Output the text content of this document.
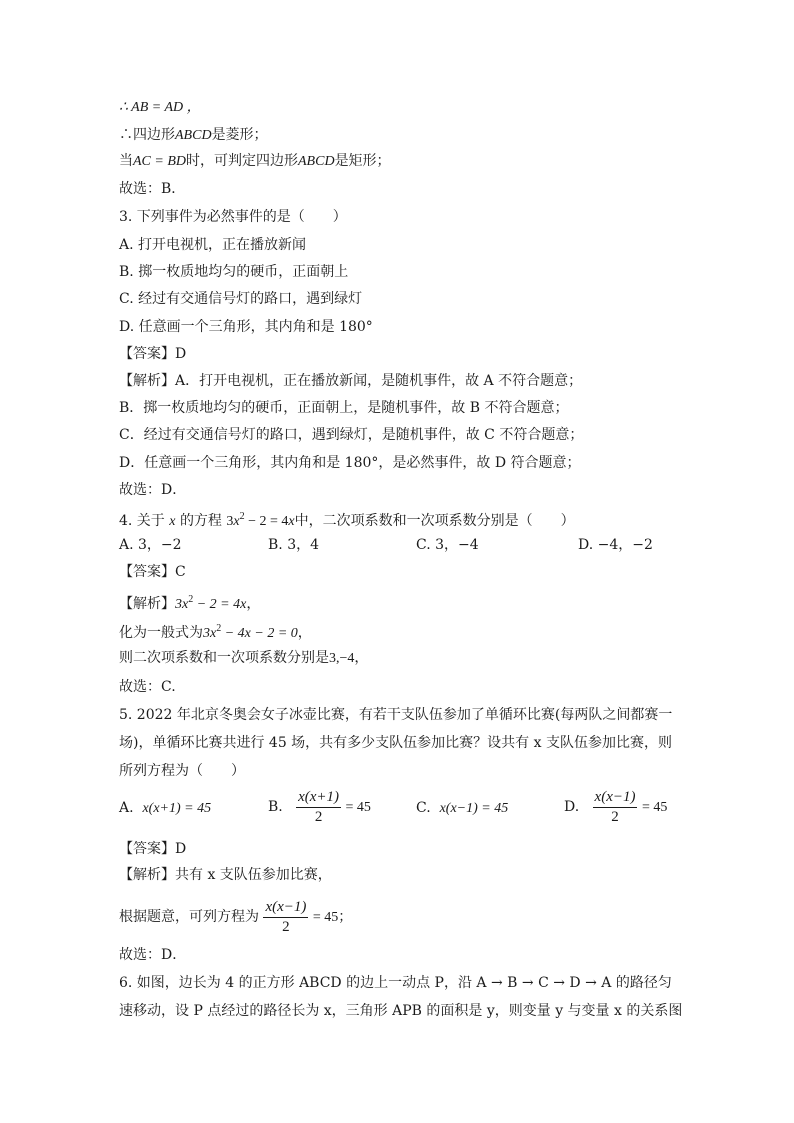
∴ AB = AD ，
∴四边形ABCD是菱形；
当AC = BD时，可判定四边形ABCD是矩形；
故选：B．
3. 下列事件为必然事件的是（　　）
A. 打开电视机，正在播放新闻
B. 掷一枚质地均匀的硬币，正面朝上
C. 经过有交通信号灯的路口，遇到绿灯
D. 任意画一个三角形，其内角和是 180°
【答案】D
【解析】A．打开电视机，正在播放新闻，是随机事件，故 A 不符合题意；
B．掷一枚质地均匀的硬币，正面朝上，是随机事件，故 B 不符合题意；
C．经过有交通信号灯的路口，遇到绿灯，是随机事件，故 C 不符合题意；
D．任意画一个三角形，其内角和是 180°，是必然事件，故 D 符合题意；
故选：D．
4. 关于 x 的方程 $3x^2 - 2 = 4x$中，二次项系数和一次项系数分别是（　　）
A. 3，−2	B. 3，4	C. 3，−4	D. −4，−2
【答案】C
【解析】$3x^2 - 2 = 4x$，
化为一般式为$3x^2 - 4x - 2 = 0$，
则二次项系数和一次项系数分别是3,−4，
故选：C.
5. 2022 年北京冬奥会女子冰壶比赛，有若干支队伍参加了单循环比赛(每两队之间都赛一
场)，单循环比赛共进行 45 场，共有多少支队伍参加比赛？设共有 x 支队伍参加比赛，则
所列方程为（　　）
A. x(x+1) = 45	B. $\frac{x(x+1)}{2} = 45$	C. x(x−1) = 45	D. $\frac{x(x-1)}{2} = 45$
【答案】D
【解析】共有 x 支队伍参加比赛，
根据题意，可列方程为 $\frac{x(x-1)}{2} = 45$；
故选：D．
6. 如图，边长为 4 的正方形 ABCD 的边上一动点 P，沿 A → B → C → D → A 的路径匀
速移动，设 P 点经过的路径长为 x，三角形 APB 的面积是 y，则变量 y 与变量 x 的关系图
